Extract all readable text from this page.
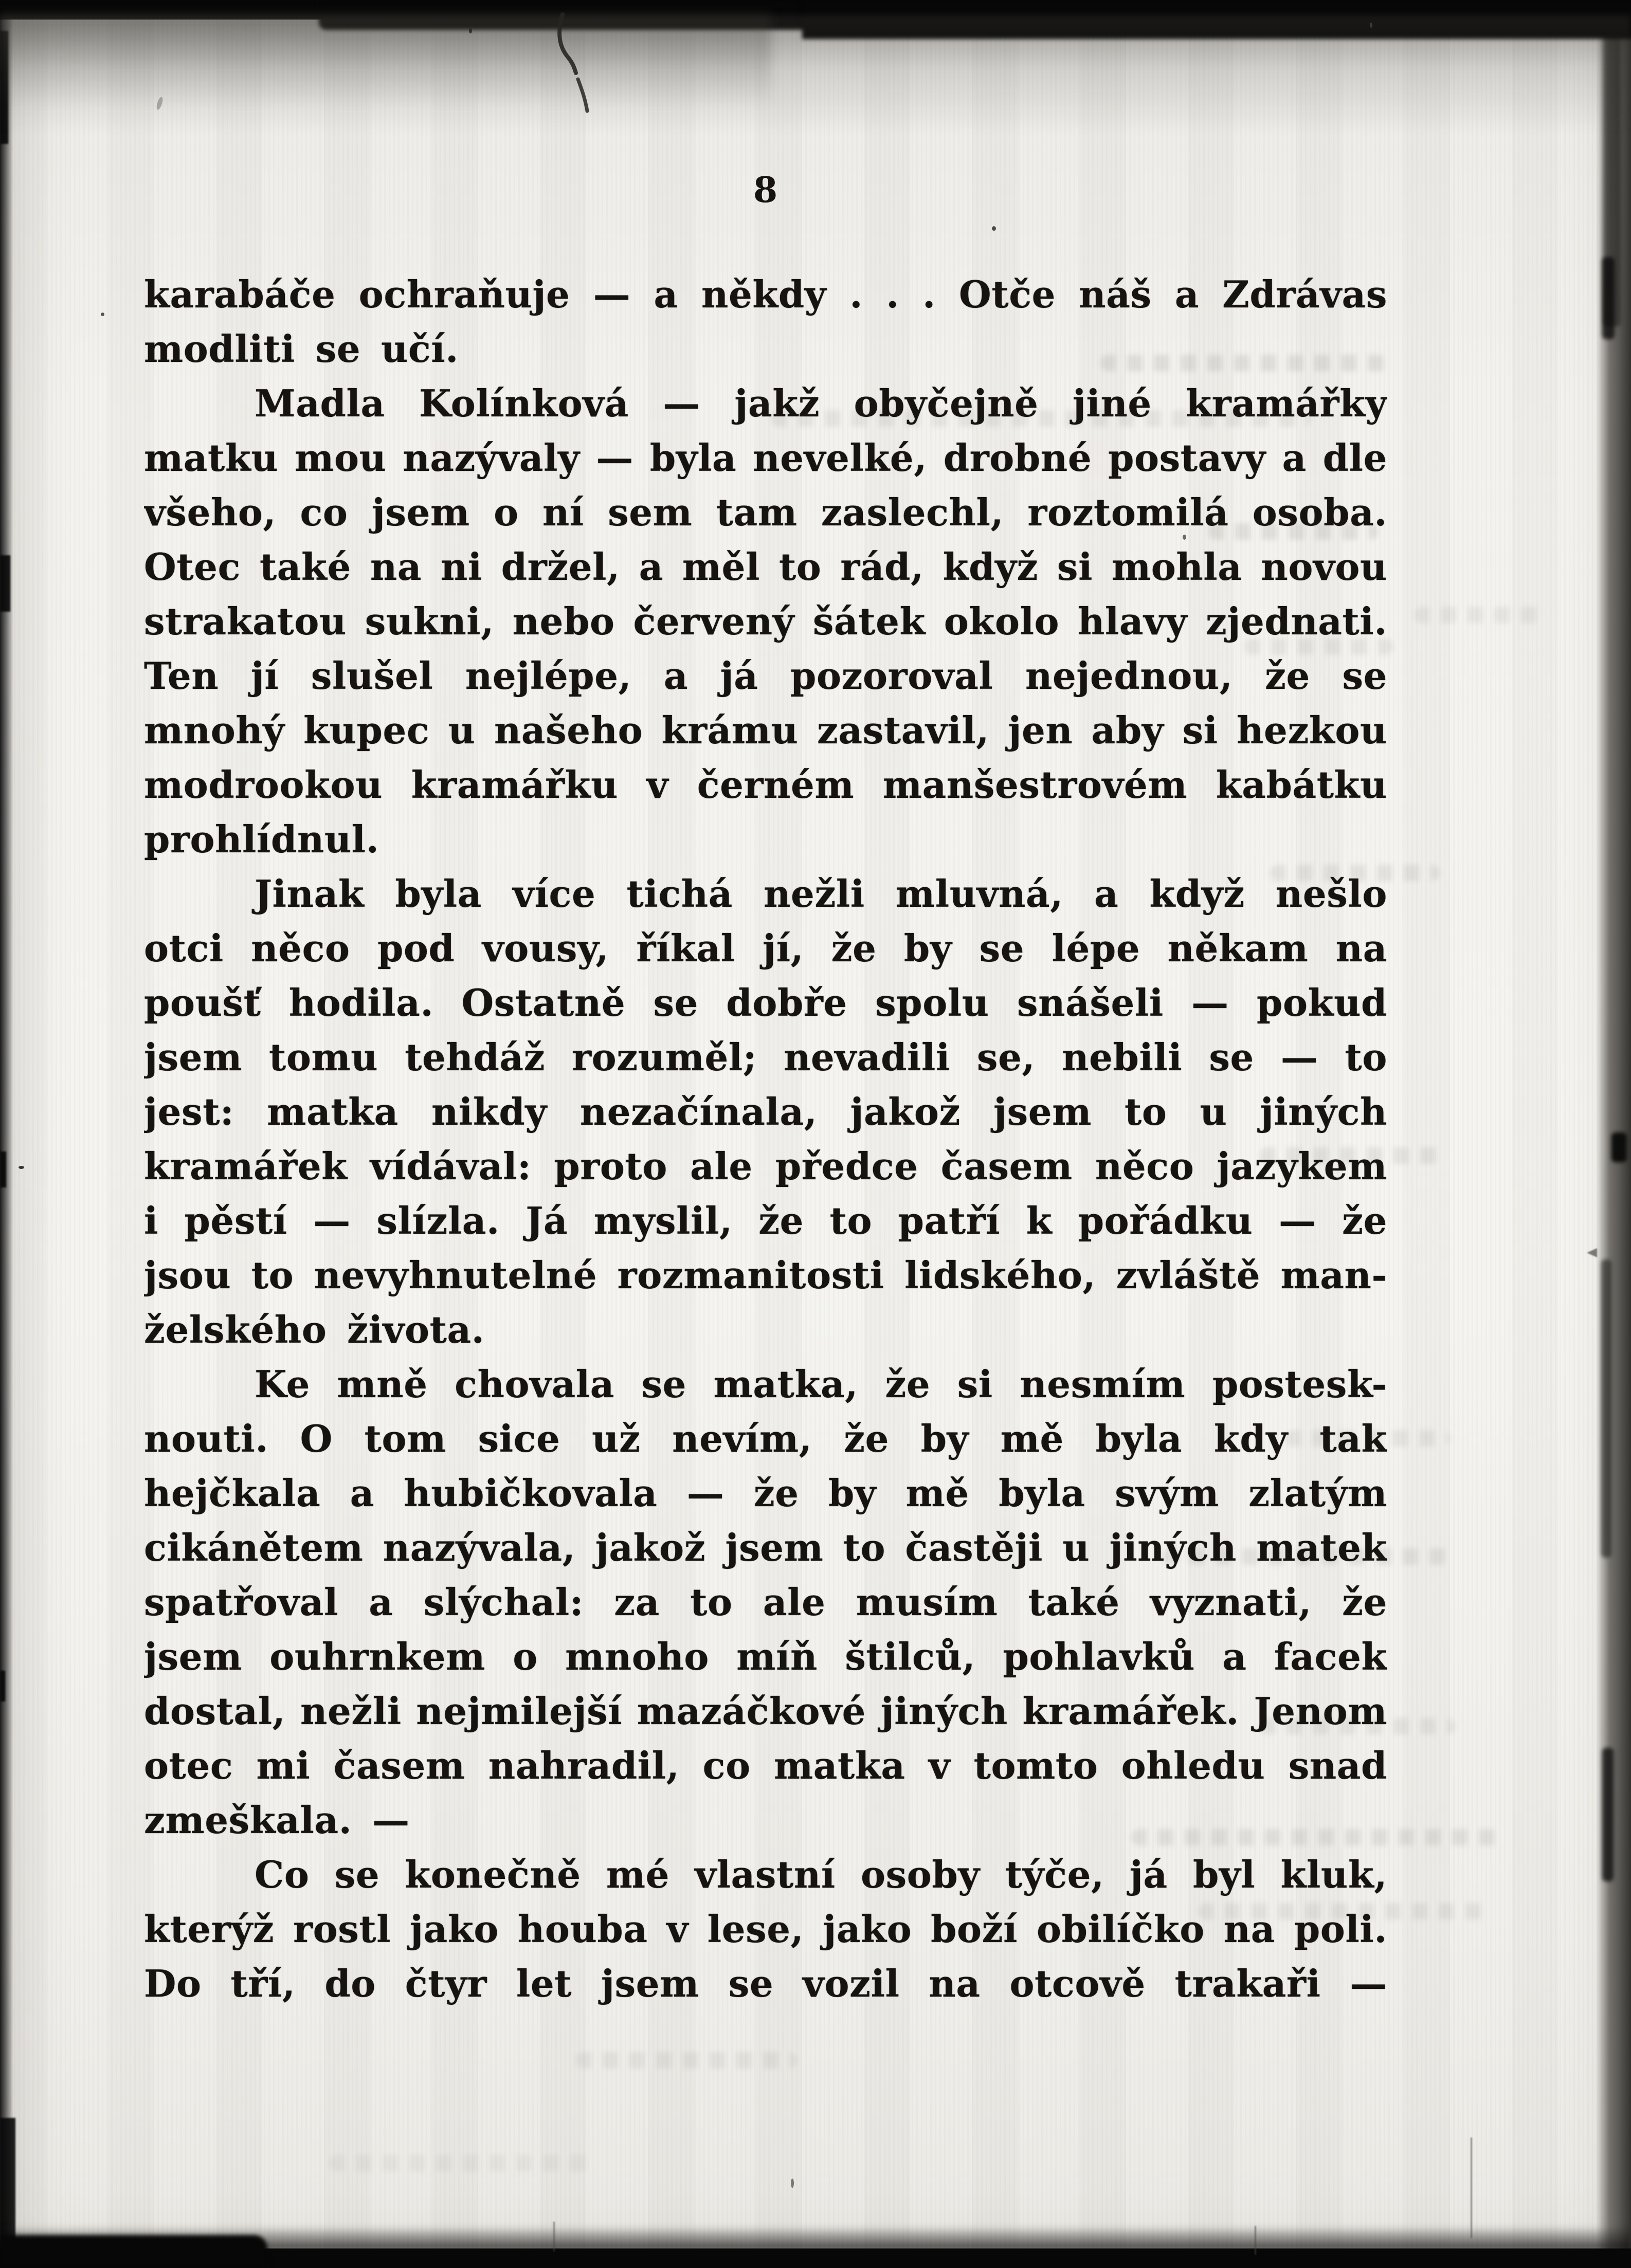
8
karabáče ochraňuje — a někdy . . . Otče náš a Zdrávas
modliti se učí.
Madla Kolínková — jakž obyčejně jiné kramářky
matku mou nazývaly — byla nevelké, drobné postavy a dle
všeho, co jsem o ní sem tam zaslechl, roztomilá osoba.
Otec také na ni držel, a měl to rád, když si mohla novou
strakatou sukni, nebo červený šátek okolo hlavy zjednati.
Ten jí slušel nejlépe, a já pozoroval nejednou, že se
mnohý kupec u našeho krámu zastavil, jen aby si hezkou
modrookou kramářku v černém manšestrovém kabátku
prohlídnul.
Jinak byla více tichá nežli mluvná, a když nešlo
otci něco pod vousy, říkal jí, že by se lépe někam na
poušť hodila. Ostatně se dobře spolu snášeli — pokud
jsem tomu tehdáž rozuměl; nevadili se, nebili se — to
jest: matka nikdy nezačínala, jakož jsem to u jiných
kramářek vídával: proto ale předce časem něco jazykem
i pěstí — slízla. Já myslil, že to patří k pořádku — že
jsou to nevyhnutelné rozmanitosti lidského, zvláště man-
želského života.
Ke mně chovala se matka, že si nesmím postesk-
nouti. O tom sice už nevím, že by mě byla kdy tak
hejčkala a hubičkovala — že by mě byla svým zlatým
cikánětem nazývala, jakož jsem to častěji u jiných matek
spatřoval a slýchal: za to ale musím také vyznati, že
jsem ouhrnkem o mnoho míň štilců, pohlavků a facek
dostal, nežli nejmilejší mazáčkové jiných kramářek. Jenom
otec mi časem nahradil, co matka v tomto ohledu snad
zmeškala. —
Co se konečně mé vlastní osoby týče, já byl kluk,
kterýž rostl jako houba v lese, jako boží obilíčko na poli.
Do tří, do čtyr let jsem se vozil na otcově trakaři —
